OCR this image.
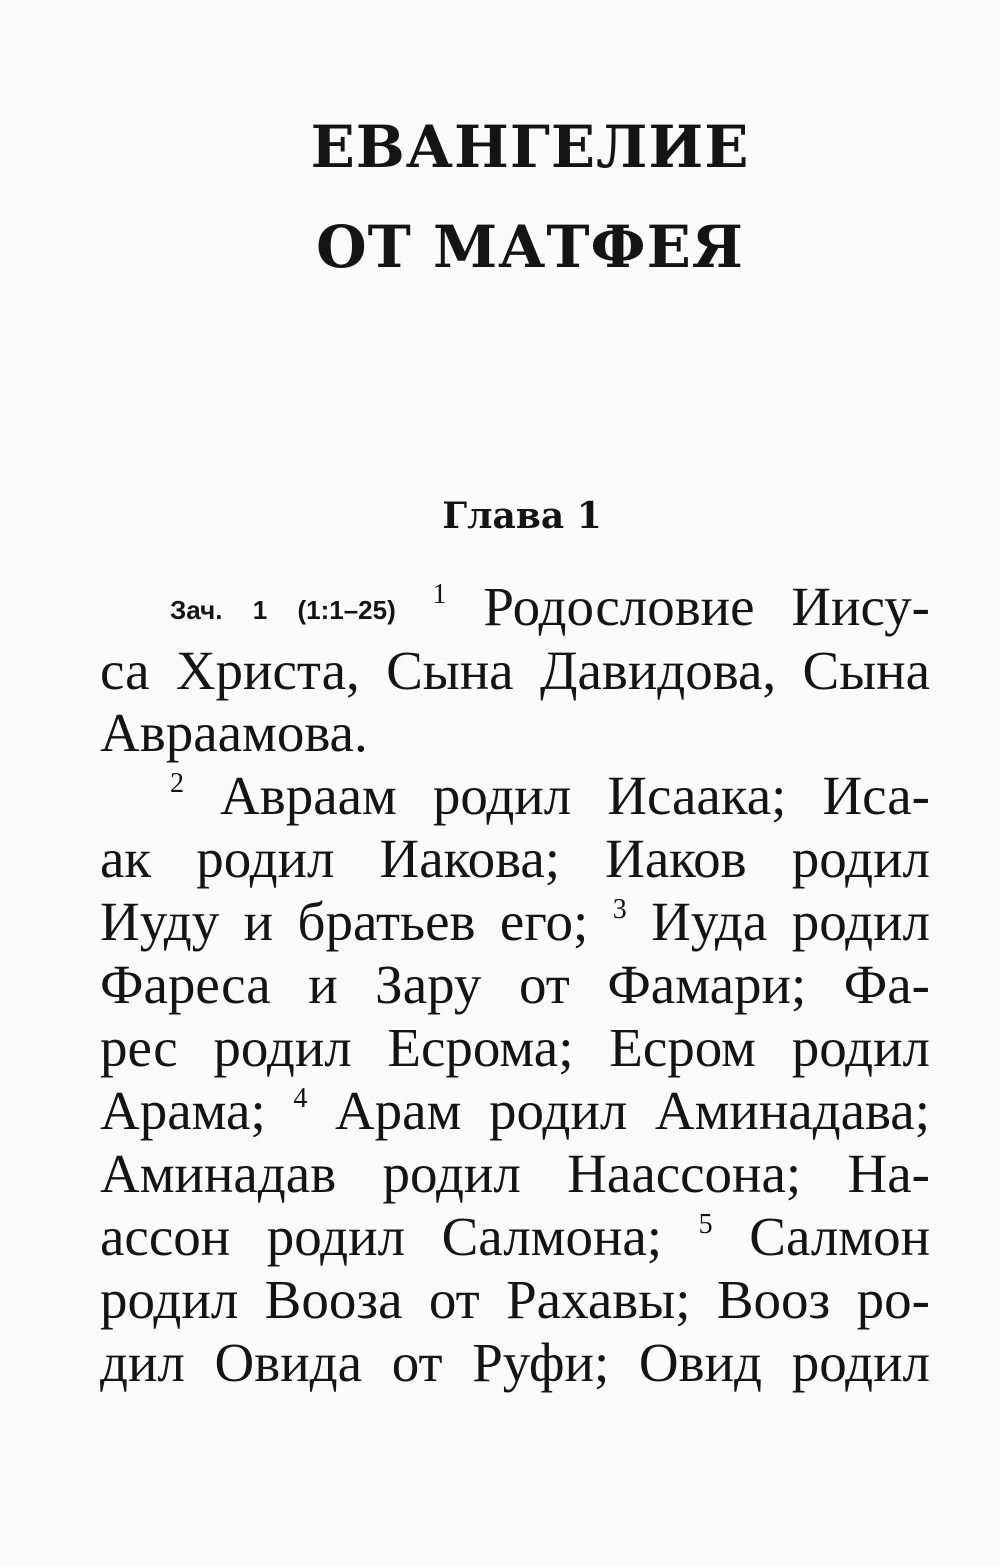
ЕВАНГЕЛИЕ
ОТ МАТФЕЯ
Глава 1
Зач. 1 (1:1–25) $^1$ Родословие Иису-
са Христа, Сына Давидова, Сына
Авраамова.
$^2$ Авраам родил Исаака; Иса-
ак родил Иакова; Иаков родил
Иуду и братьев его; $^3$ Иуда родил
Фареса и Зару от Фамари; Фа-
рес родил Есрома; Есром родил
Арама; $^4$ Арам родил Аминадава;
Аминадав родил Наассона; На-
ассон родил Салмона; $^5$ Салмон
родил Вооза от Рахавы; Вооз ро-
дил Овида от Руфи; Овид родил
